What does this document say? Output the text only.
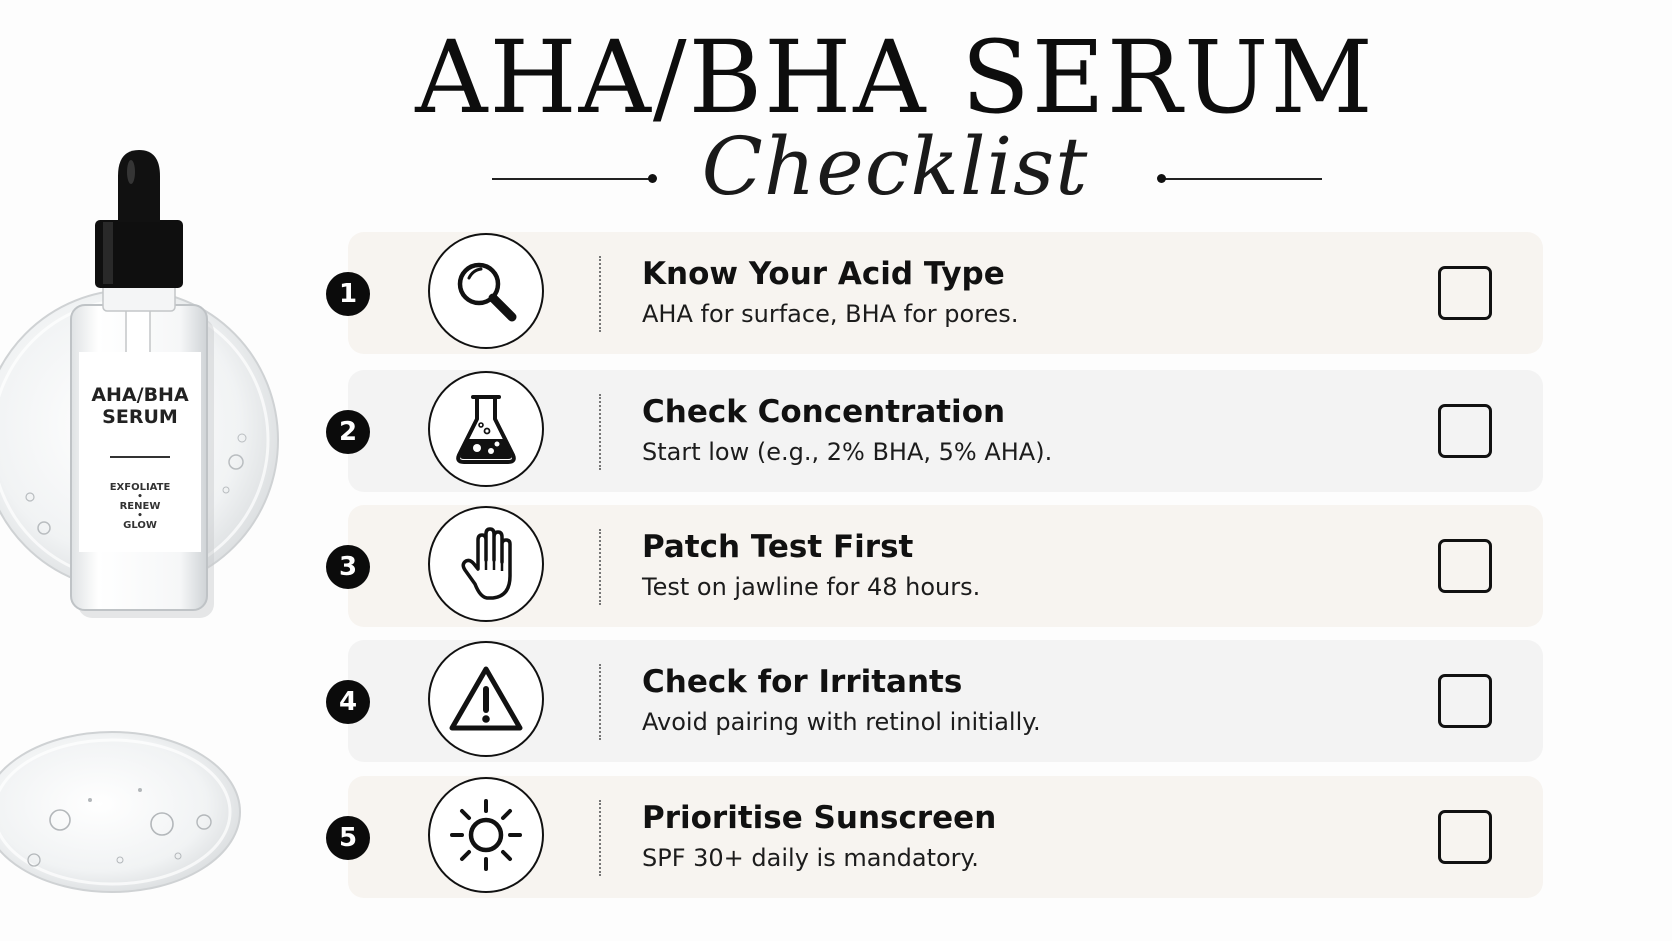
AHA/BHA
SERUM
EXFOLIATE
•
RENEW
•
GLOW
AHA/BHA SERUM
Checklist
1
Know Your Acid Type
AHA for surface, BHA for pores.
2
Check Concentration
Start low (e.g., 2% BHA, 5% AHA).
3
Patch Test First
Test on jawline for 48 hours.
4
Check for Irritants
Avoid pairing with retinol initially.
5
Prioritise Sunscreen
SPF 30+ daily is mandatory.
